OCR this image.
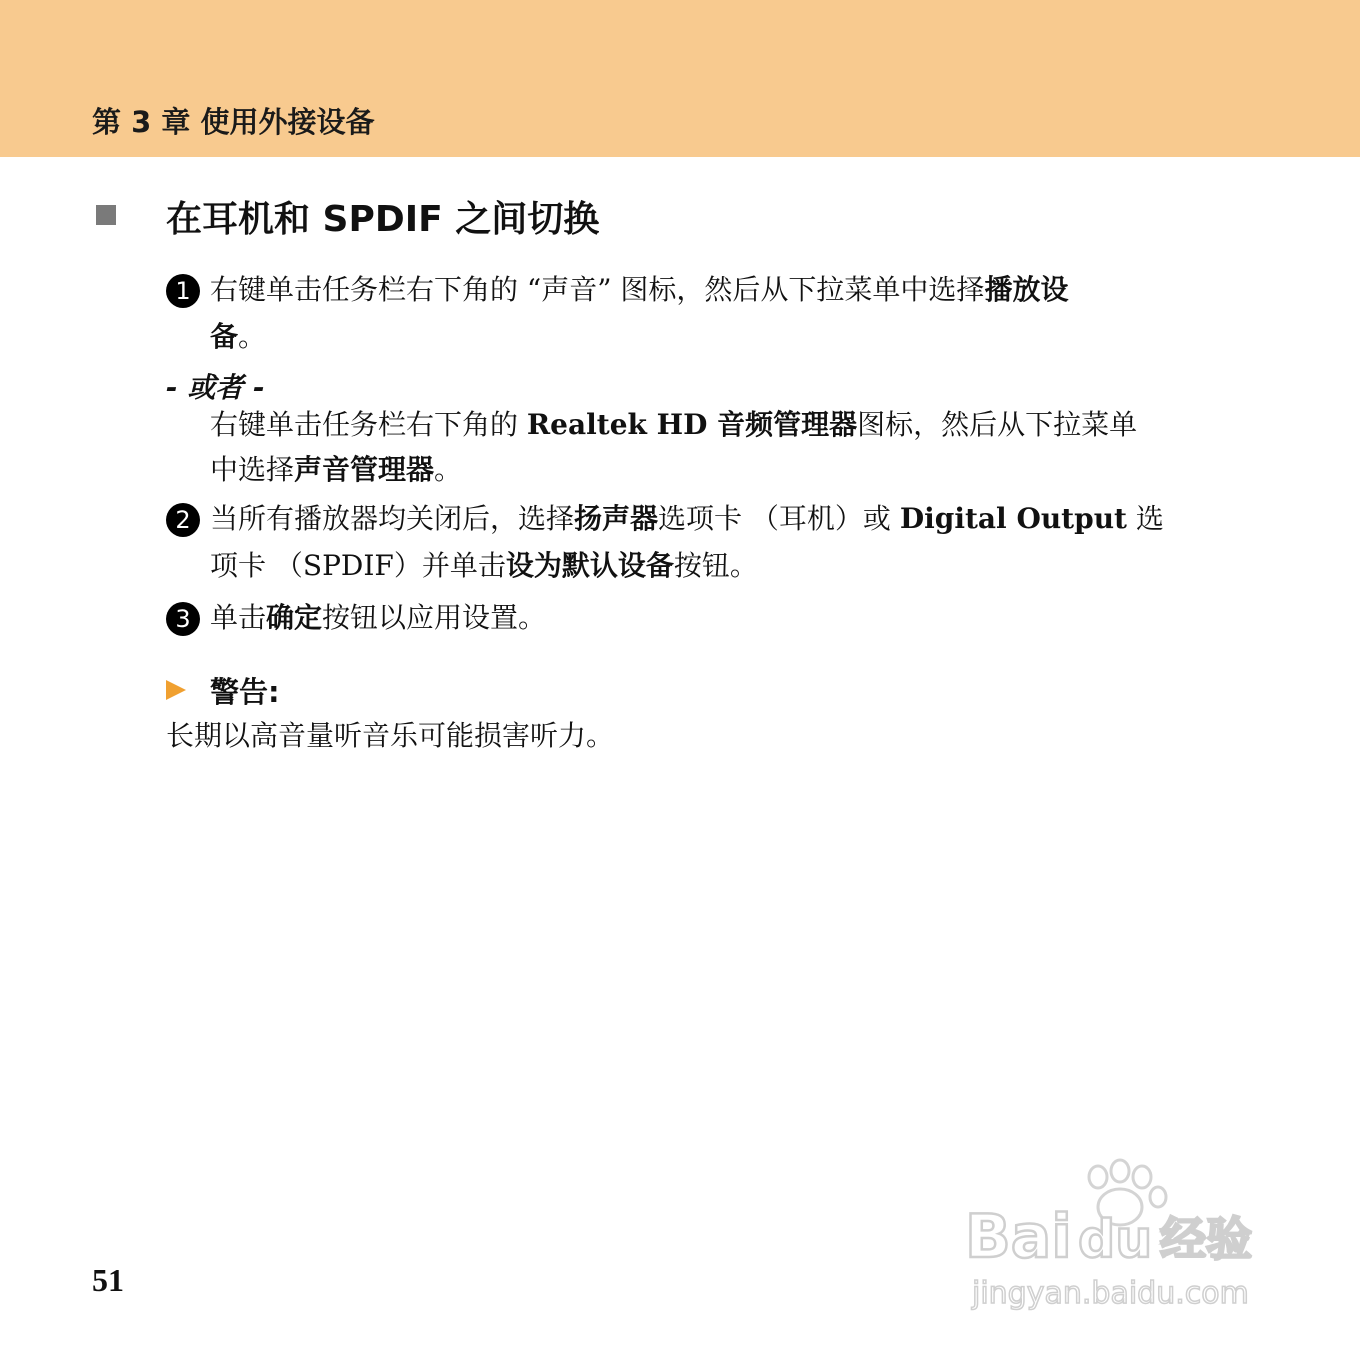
第 3 章 使用外接设备
在耳机和 SPDIF 之间切换
1 右键单击任务栏右下角的 “声音” 图标，然后从下拉菜单中选择播放设
备。
- 或者 -
右键单击任务栏右下角的 Realtek HD 音频管理器图标，然后从下拉菜单
中选择声音管理器。
2 当所有播放器均关闭后，选择扬声器选项卡 （耳机）或 Digital Output 选
项卡 （SPDIF）并单击设为默认设备按钮。
3 单击确定按钮以应用设置。
警告:
长期以高音量听音乐可能损害听力。
51
Bai du 经验
jingyan.baidu.com
